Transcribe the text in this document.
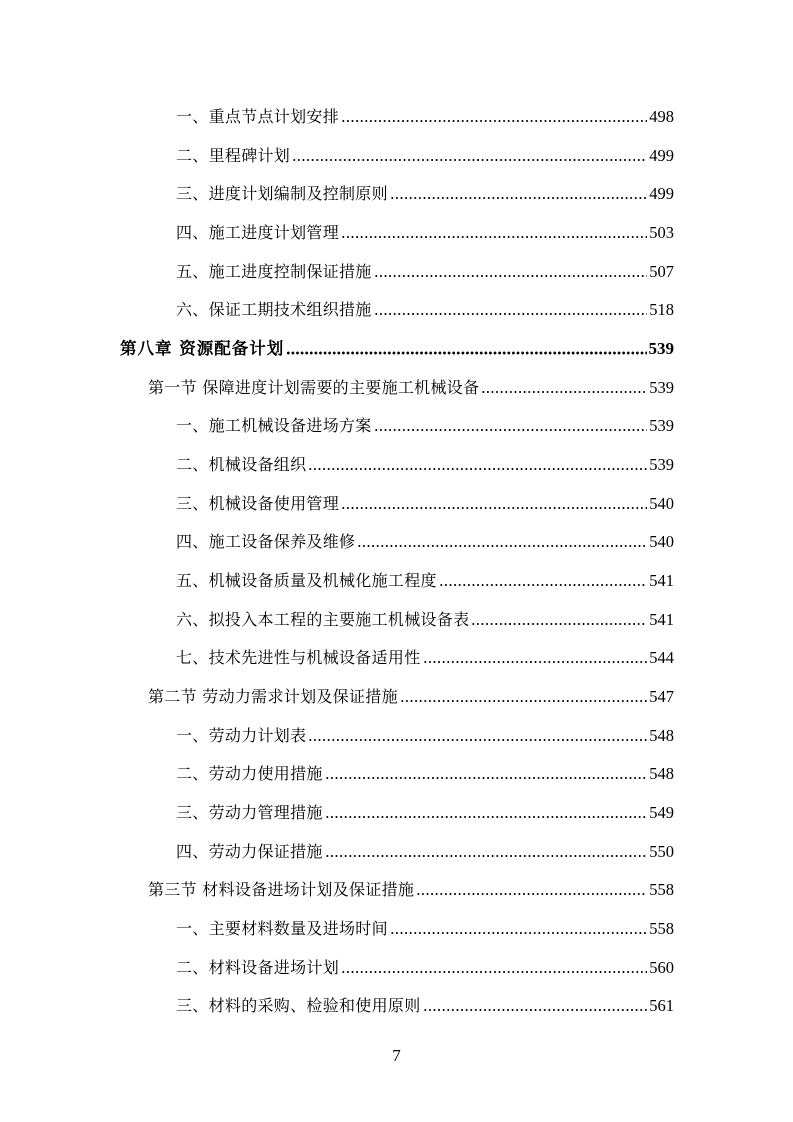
一、重点节点计划安排	498
二、里程碑计划	499
三、进度计划编制及控制原则	499
四、施工进度计划管理	503
五、施工进度控制保证措施	507
六、保证工期技术组织措施	518
第八章 资源配备计划	539
第一节 保障进度计划需要的主要施工机械设备	539
一、施工机械设备进场方案	539
二、机械设备组织	539
三、机械设备使用管理	540
四、施工设备保养及维修	540
五、机械设备质量及机械化施工程度	541
六、拟投入本工程的主要施工机械设备表	541
七、技术先进性与机械设备适用性	544
第二节 劳动力需求计划及保证措施	547
一、劳动力计划表	548
二、劳动力使用措施	548
三、劳动力管理措施	549
四、劳动力保证措施	550
第三节 材料设备进场计划及保证措施	558
一、主要材料数量及进场时间	558
二、材料设备进场计划	560
三、材料的采购、检验和使用原则	561
7
